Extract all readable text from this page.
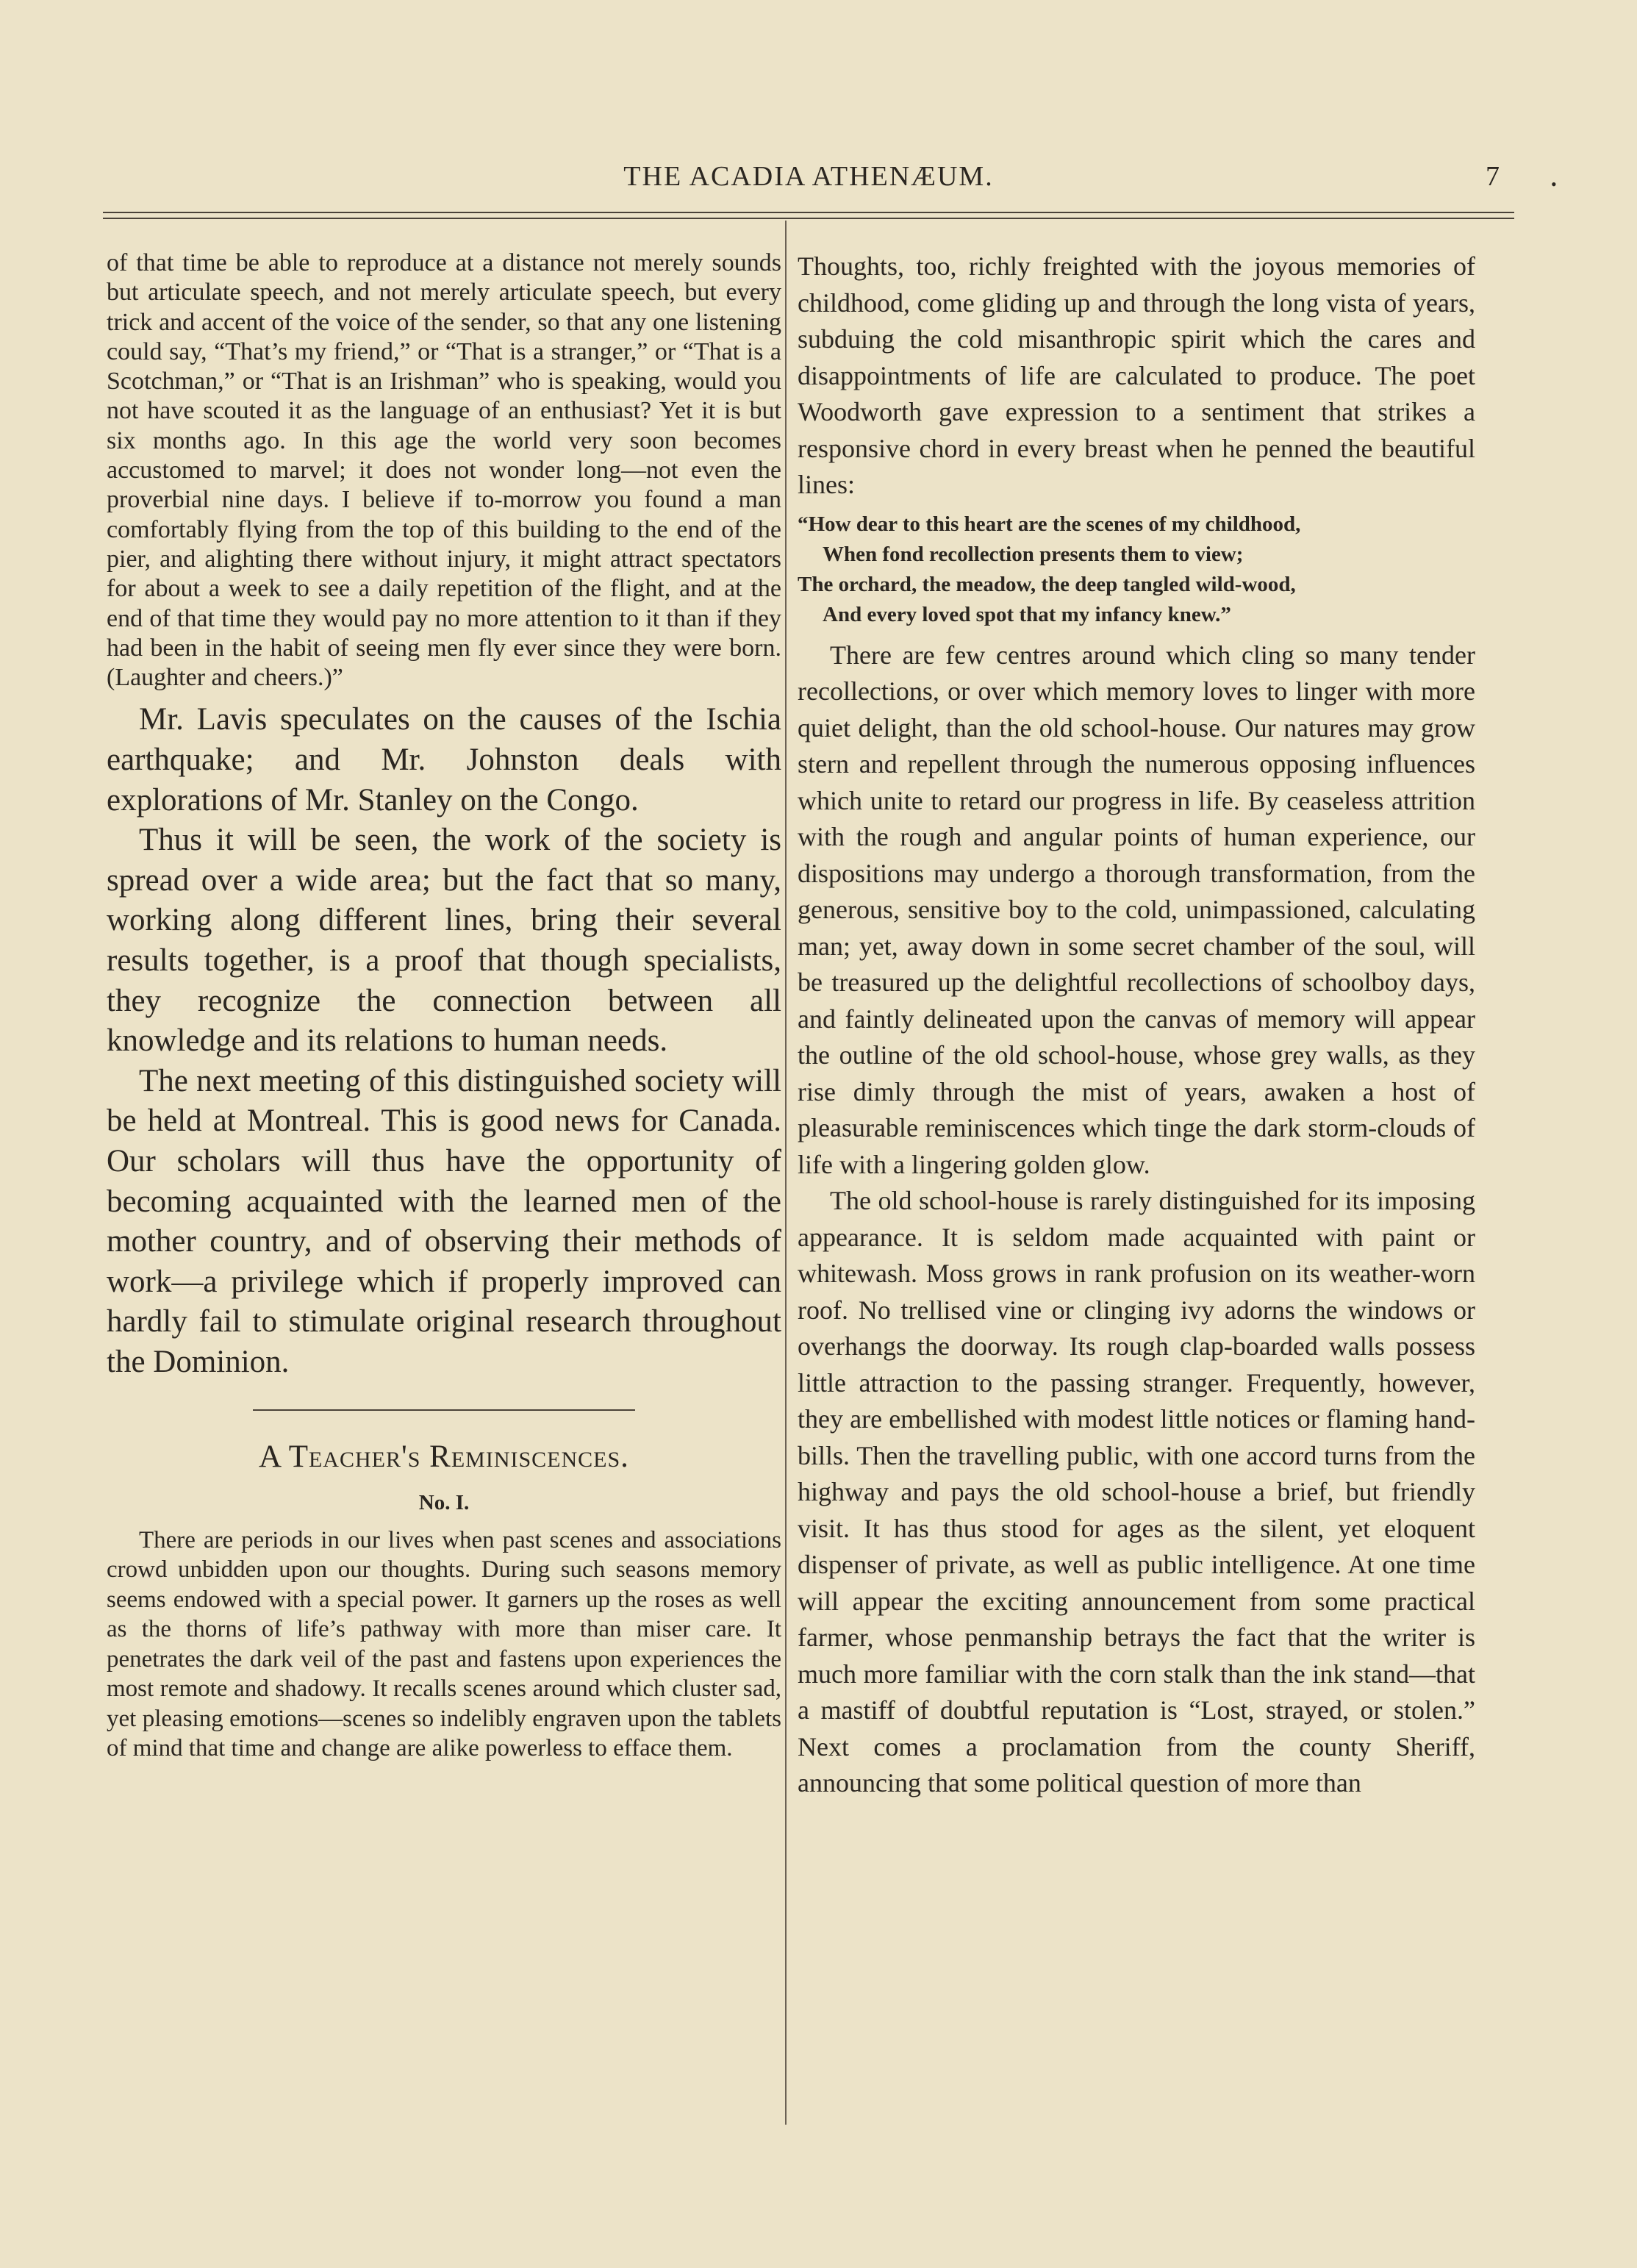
THE ACADIA ATHENÆUM.	7	•

of that time be able to reproduce at a distance not merely sounds but articulate speech, and not merely articulate speech, but every trick and accent of the voice of the sender, so that any one listening could say, “That’s my friend,” or “That is a stranger,” or “That is a Scotchman,” or “That is an Irishman” who is speaking, would you not have scouted it as the language of an enthusiast? Yet it is but six months ago. In this age the world very soon becomes accustomed to marvel; it does not wonder long—not even the proverbial nine days. I believe if to-morrow you found a man comfortably flying from the top of this building to the end of the pier, and alighting there without injury, it might attract spectators for about a week to see a daily repetition of the flight, and at the end of that time they would pay no more attention to it than if they had been in the habit of seeing men fly ever since they were born. (Laughter and cheers.)”

Mr. Lavis speculates on the causes of the Ischia earthquake; and Mr. Johnston deals with explorations of Mr. Stanley on the Congo.

Thus it will be seen, the work of the society is spread over a wide area; but the fact that so many, working along different lines, bring their several results together, is a proof that though specialists, they recognize the connection between all knowledge and its relations to human needs.

The next meeting of this distinguished society will be held at Montreal. This is good news for Canada. Our scholars will thus have the opportunity of becoming acquainted with the learned men of the mother country, and of observing their methods of work—a privilege which if properly improved can hardly fail to stimulate original research throughout the Dominion.

A Teacher's Reminiscences.
No. I.

There are periods in our lives when past scenes and associations crowd unbidden upon our thoughts. During such seasons memory seems endowed with a special power. It garners up the roses as well as the thorns of life’s pathway with more than miser care. It penetrates the dark veil of the past and fastens upon experiences the most remote and shadowy. It recalls scenes around which cluster sad, yet pleasing emotions—scenes so indelibly engraven upon the tablets of mind that time and change are alike powerless to efface them.

Thoughts, too, richly freighted with the joyous memories of childhood, come gliding up and through the long vista of years, subduing the cold misanthropic spirit which the cares and disappointments of life are calculated to produce. The poet Woodworth gave expression to a sentiment that strikes a responsive chord in every breast when he penned the beautiful lines:

“How dear to this heart are the scenes of my childhood,
When fond recollection presents them to view;
The orchard, the meadow, the deep tangled wild-wood,
And every loved spot that my infancy knew.”

There are few centres around which cling so many tender recollections, or over which memory loves to linger with more quiet delight, than the old school-house. Our natures may grow stern and repellent through the numerous opposing influences which unite to retard our progress in life. By ceaseless attrition with the rough and angular points of human experience, our dispositions may undergo a thorough transformation, from the generous, sensitive boy to the cold, unimpassioned, calculating man; yet, away down in some secret chamber of the soul, will be treasured up the delightful recollections of schoolboy days, and faintly delineated upon the canvas of memory will appear the outline of the old school-house, whose grey walls, as they rise dimly through the mist of years, awaken a host of pleasurable reminiscences which tinge the dark storm-clouds of life with a lingering golden glow.

The old school-house is rarely distinguished for its imposing appearance. It is seldom made acquainted with paint or whitewash. Moss grows in rank profusion on its weather-worn roof. No trellised vine or clinging ivy adorns the windows or overhangs the doorway. Its rough clap-boarded walls possess little attraction to the passing stranger. Frequently, however, they are embellished with modest little notices or flaming hand-bills. Then the travelling public, with one accord turns from the highway and pays the old school-house a brief, but friendly visit. It has thus stood for ages as the silent, yet eloquent dispenser of private, as well as public intelligence. At one time will appear the exciting announcement from some practical farmer, whose penmanship betrays the fact that the writer is much more familiar with the corn stalk than the ink stand—that a mastiff of doubtful reputation is “Lost, strayed, or stolen.” Next comes a proclamation from the county Sheriff, announcing that some political question of more than
